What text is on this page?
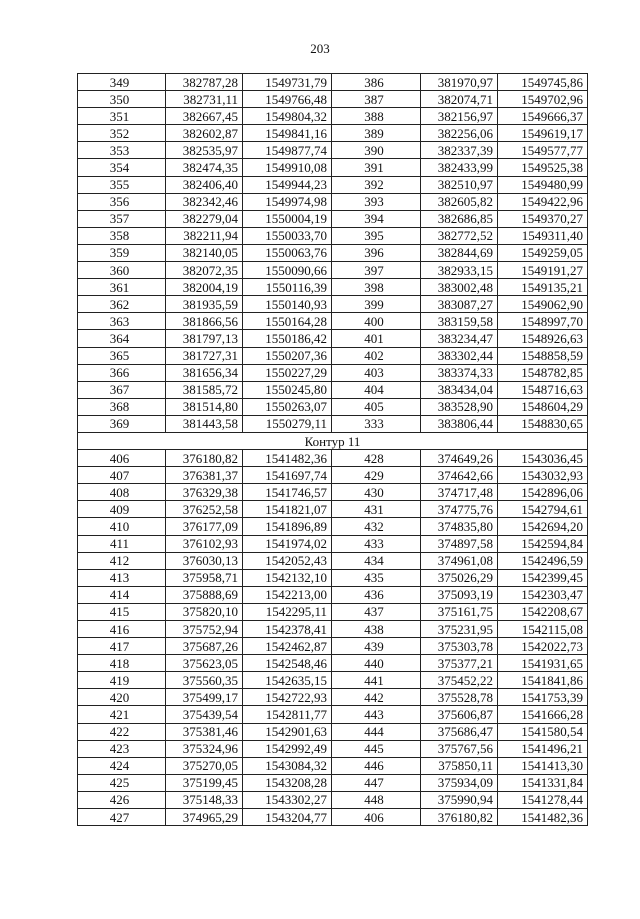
203
349	382787,28	1549731,79	386	381970,97	1549745,86
350	382731,11	1549766,48	387	382074,71	1549702,96
351	382667,45	1549804,32	388	382156,97	1549666,37
352	382602,87	1549841,16	389	382256,06	1549619,17
353	382535,97	1549877,74	390	382337,39	1549577,77
354	382474,35	1549910,08	391	382433,99	1549525,38
355	382406,40	1549944,23	392	382510,97	1549480,99
356	382342,46	1549974,98	393	382605,82	1549422,96
357	382279,04	1550004,19	394	382686,85	1549370,27
358	382211,94	1550033,70	395	382772,52	1549311,40
359	382140,05	1550063,76	396	382844,69	1549259,05
360	382072,35	1550090,66	397	382933,15	1549191,27
361	382004,19	1550116,39	398	383002,48	1549135,21
362	381935,59	1550140,93	399	383087,27	1549062,90
363	381866,56	1550164,28	400	383159,58	1548997,70
364	381797,13	1550186,42	401	383234,47	1548926,63
365	381727,31	1550207,36	402	383302,44	1548858,59
366	381656,34	1550227,29	403	383374,33	1548782,85
367	381585,72	1550245,80	404	383434,04	1548716,63
368	381514,80	1550263,07	405	383528,90	1548604,29
369	381443,58	1550279,11	333	383806,44	1548830,65
Контур 11					
406	376180,82	1541482,36	428	374649,26	1543036,45
407	376381,37	1541697,74	429	374642,66	1543032,93
408	376329,38	1541746,57	430	374717,48	1542896,06
409	376252,58	1541821,07	431	374775,76	1542794,61
410	376177,09	1541896,89	432	374835,80	1542694,20
411	376102,93	1541974,02	433	374897,58	1542594,84
412	376030,13	1542052,43	434	374961,08	1542496,59
413	375958,71	1542132,10	435	375026,29	1542399,45
414	375888,69	1542213,00	436	375093,19	1542303,47
415	375820,10	1542295,11	437	375161,75	1542208,67
416	375752,94	1542378,41	438	375231,95	1542115,08
417	375687,26	1542462,87	439	375303,78	1542022,73
418	375623,05	1542548,46	440	375377,21	1541931,65
419	375560,35	1542635,15	441	375452,22	1541841,86
420	375499,17	1542722,93	442	375528,78	1541753,39
421	375439,54	1542811,77	443	375606,87	1541666,28
422	375381,46	1542901,63	444	375686,47	1541580,54
423	375324,96	1542992,49	445	375767,56	1541496,21
424	375270,05	1543084,32	446	375850,11	1541413,30
425	375199,45	1543208,28	447	375934,09	1541331,84
426	375148,33	1543302,27	448	375990,94	1541278,44
427	374965,29	1543204,77	406	376180,82	1541482,36
